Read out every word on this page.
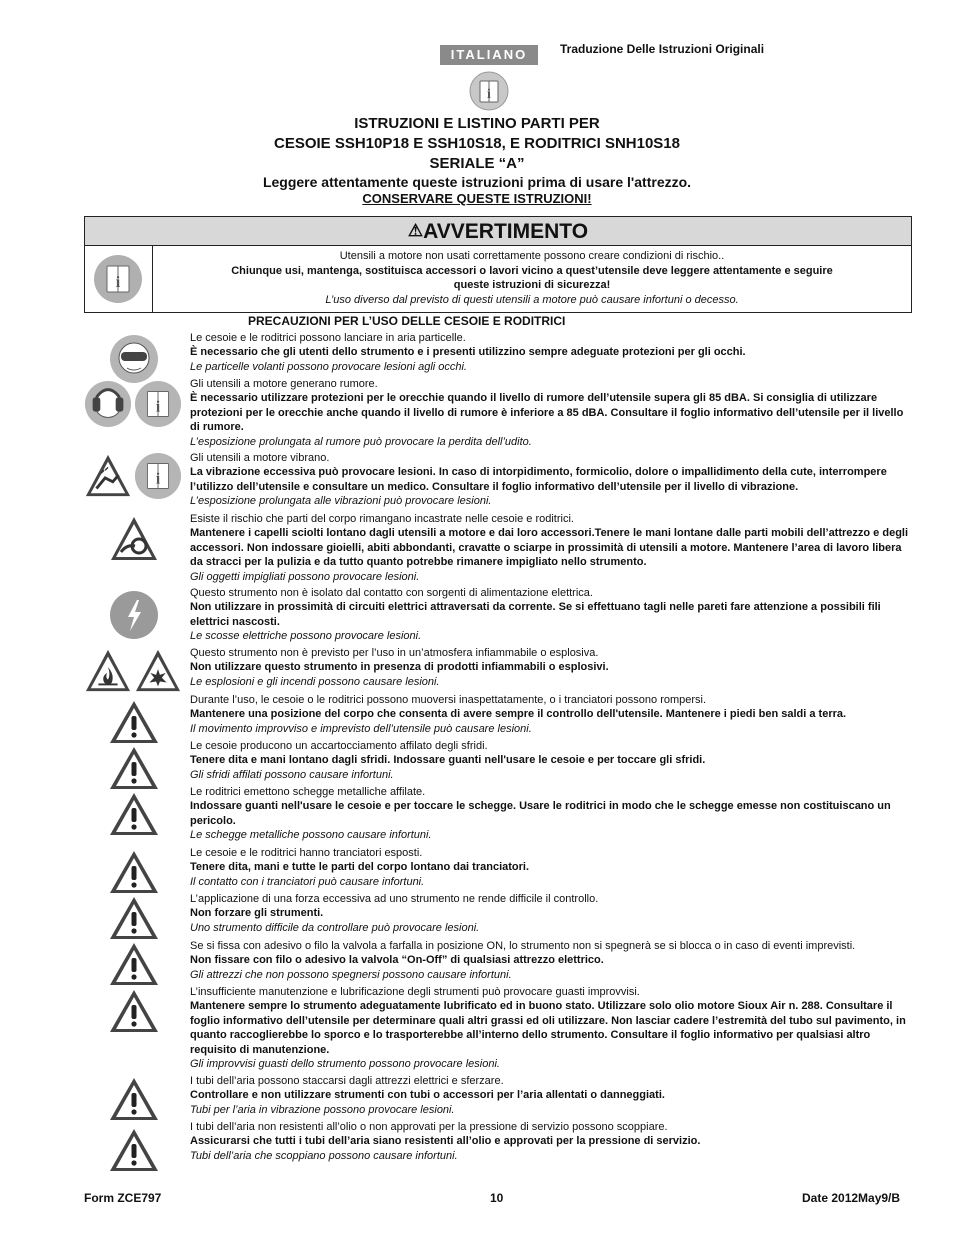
ITALIANO	Traduzione Delle Istruzioni Originali
i
ISTRUZIONI E LISTINO PARTI PER
CESOIE SSH10P18 E SSH10S18, E RODITRICI SNH10S18
SERIALE “A”
Leggere attentamente queste istruzioni prima di usare l'attrezzo.
CONSERVARE QUESTE ISTRUZIONI!
⚠AVVERTIMENTO
i
Utensili a motore non usati correttamente possono creare condizioni di rischio..
Chiunque usi, mantenga, sostituisca accessori o lavori vicino a quest’utensile deve leggere attentamente e seguire queste istruzioni di sicurezza!
L’uso diverso dal previsto di questi utensili a motore può causare infortuni o decesso.
PRECAUZIONI PER L’USO DELLE CESOIE E RODITRICI
i
i
Le cesoie e le roditrici possono lanciare in aria particelle.
È necessario che gli utenti dello strumento e i presenti utilizzino sempre adeguate protezioni per gli occhi.
Le particelle volanti possono provocare lesioni agli occhi.
Gli utensili a motore generano rumore.
È necessario utilizzare protezioni per le orecchie quando il livello di rumore dell’utensile supera gli 85 dBA. Si consiglia di utilizzare protezioni per le orecchie anche quando il livello di rumore è inferiore a 85 dBA. Consultare il foglio informativo dell’utensile per il livello di rumore.
L’esposizione prolungata al rumore può provocare la perdita dell’udito.
Gli utensili a motore vibrano.
La vibrazione eccessiva può provocare lesioni. In caso di intorpidimento, formicolio, dolore o impallidimento della cute, interrompere l’utilizzo dell’utensile e consultare un medico. Consultare il foglio informativo dell’utensile per il livello di vibrazione.
L’esposizione prolungata alle vibrazioni può provocare lesioni.
Esiste il rischio che parti del corpo rimangano incastrate nelle cesoie e roditrici.
Mantenere i capelli sciolti lontano dagli utensili a motore e dai loro accessori.Tenere le mani lontane dalle parti mobili dell’attrezzo e degli accessori. Non indossare gioielli, abiti abbondanti, cravatte o sciarpe in prossimità di utensili a motore. Mantenere l’area di lavoro libera da stracci per la pulizia e da tutto quanto potrebbe rimanere impigliato nello strumento.
Gli oggetti impigliati possono provocare lesioni.
Questo strumento non è isolato dal contatto con sorgenti di alimentazione elettrica.
Non utilizzare in prossimità di circuiti elettrici attraversati da corrente. Se si effettuano tagli nelle pareti fare attenzione a possibili fili elettrici nascosti.
Le scosse elettriche possono provocare lesioni.
Questo strumento non è previsto per l’uso in un’atmosfera infiammabile o esplosiva.
Non utilizzare questo strumento in presenza di prodotti infiammabili o esplosivi.
Le esplosioni e gli incendi possono causare lesioni.
Durante l’uso, le cesoie o le roditrici possono muoversi inaspettatamente, o i tranciatori possono rompersi.
Mantenere una posizione del corpo che consenta di avere sempre il controllo dell'utensile. Mantenere i piedi ben saldi a terra.
Il movimento improvviso e imprevisto dell’utensile può causare lesioni.
Le cesoie producono un accartocciamento affilato degli sfridi.
Tenere dita e mani lontano dagli sfridi. Indossare guanti nell'usare le cesoie e per toccare gli sfridi.
Gli sfridi affilati possono causare infortuni.
Le roditrici emettono schegge metalliche affilate.
Indossare guanti nell'usare le cesoie e per toccare le schegge. Usare le roditrici in modo che le schegge emesse non costituiscano un pericolo.
Le schegge metalliche possono causare infortuni.
Le cesoie e le roditrici hanno tranciatori esposti.
Tenere dita, mani e tutte le parti del corpo lontano dai tranciatori.
Il contatto con i tranciatori può causare infortuni.
L’applicazione di una forza eccessiva ad uno strumento ne rende difficile il controllo.
Non forzare gli strumenti.
Uno strumento difficile da controllare può provocare lesioni.
Se si fissa con adesivo o filo la valvola a farfalla in posizione ON, lo strumento non si spegnerà se si blocca o in caso di eventi imprevisti.
Non fissare con filo o adesivo la valvola “On-Off” di qualsiasi attrezzo elettrico.
Gli attrezzi che non possono spegnersi possono causare infortuni.
L’insufficiente manutenzione e lubrificazione degli strumenti può provocare guasti improvvisi.
Mantenere sempre lo strumento adeguatamente lubrificato ed in buono stato. Utilizzare solo olio motore Sioux Air n. 288. Consultare il foglio informativo dell’utensile per determinare quali altri grassi ed oli utilizzare. Non lasciar cadere l’estremità del tubo sul pavimento, in quanto raccoglierebbe lo sporco e lo trasporterebbe all’interno dello strumento. Consultare il foglio informativo per qualsiasi altro requisito di manutenzione.
Gli improvvisi guasti dello strumento possono provocare lesioni.
I tubi dell’aria possono staccarsi dagli attrezzi elettrici e sferzare.
Controllare e non utilizzare strumenti con tubi o accessori per l’aria allentati o danneggiati.
Tubi per l’aria in vibrazione possono provocare lesioni.
I tubi dell’aria non resistenti all’olio o non approvati per la pressione di servizio possono scoppiare.
Assicurarsi che tutti i tubi dell’aria siano resistenti all’olio e approvati per la pressione di servizio.
Tubi dell’aria che scoppiano possono causare infortuni.
Form ZCE797	10	Date 2012May9/B
